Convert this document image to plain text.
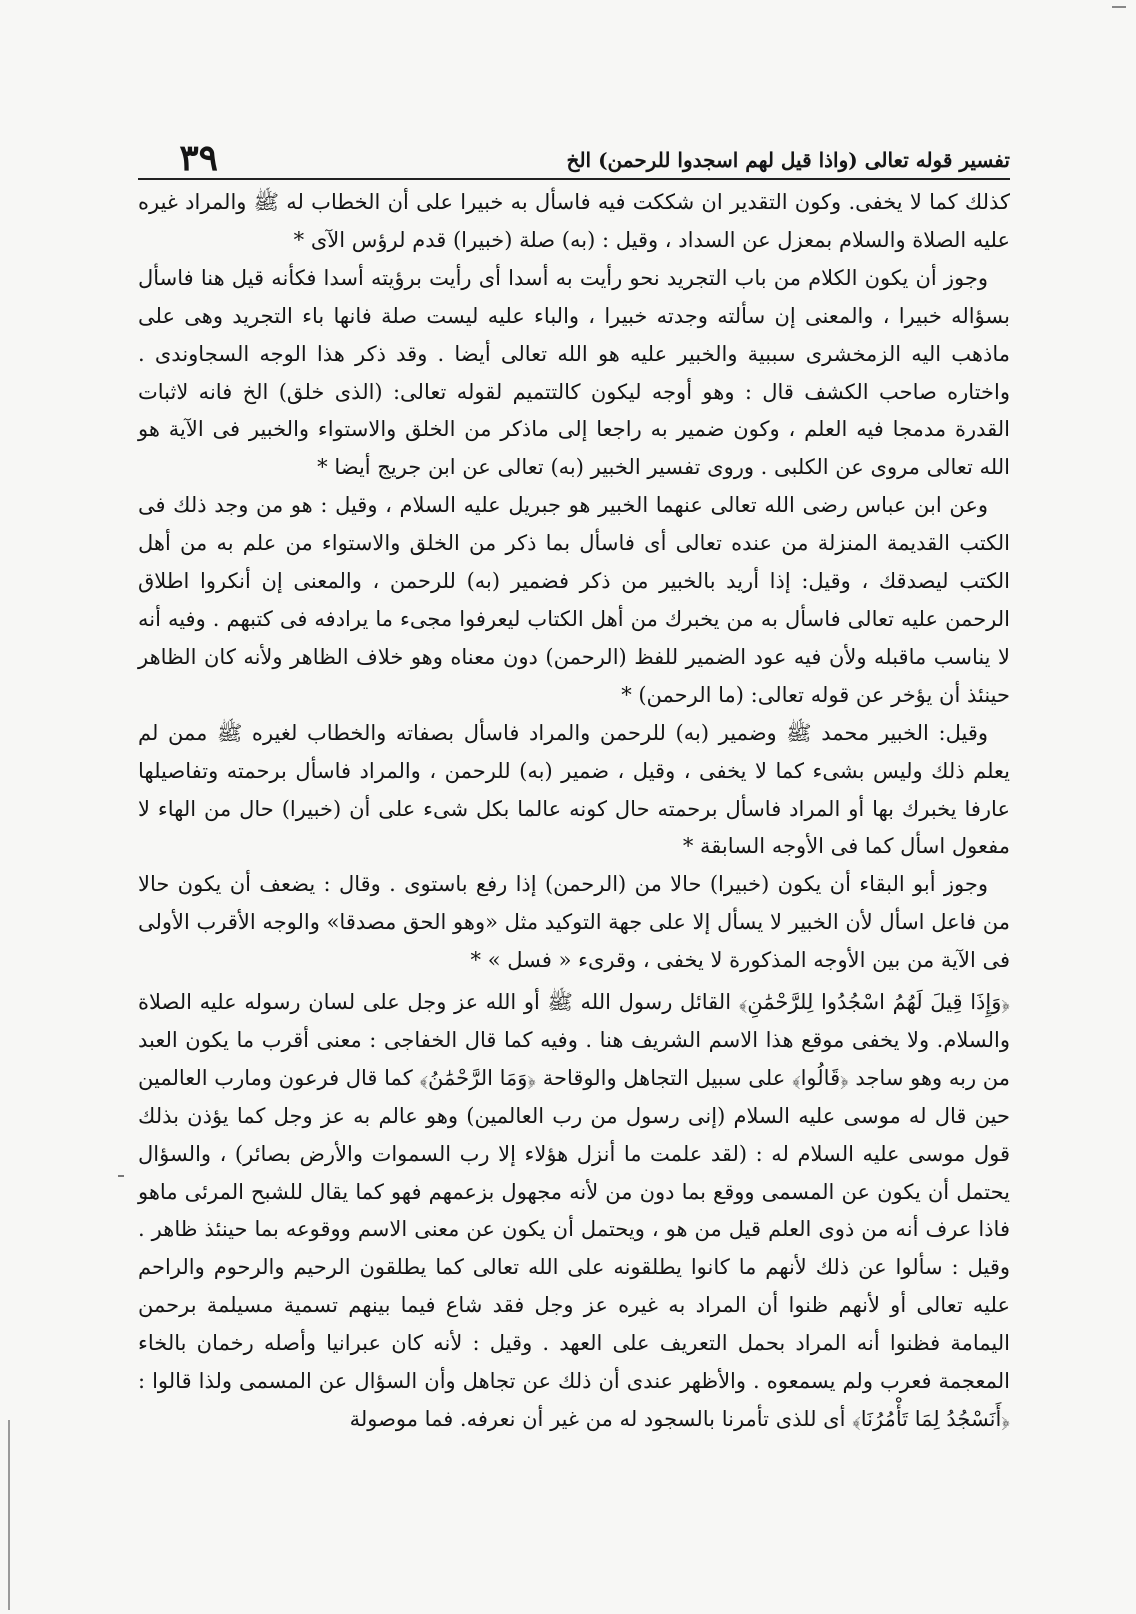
تفسير قوله تعالى (واذا قيل لهم اسجدوا للرحمن) الخ
٣٩

كذلك كما لا يخفى. وكون التقدير ان شككت فيه فاسأل به خبيرا على أن الخطاب له ﷺ والمراد غيره عليه الصلاة والسلام بمعزل عن السداد ، وقيل : (به) صلة (خبيرا) قدم لرؤس الآى *

وجوز أن يكون الكلام من باب التجريد نحو رأيت به أسدا أى رأيت برؤيته أسدا فكأنه قيل هنا فاسأل بسؤاله خبيرا ، والمعنى إن سألته وجدته خبيرا ، والباء عليه ليست صلة فانها باء التجريد وهى على ماذهب اليه الزمخشرى سببية والخبير عليه هو الله تعالى أيضا . وقد ذكر هذا الوجه السجاوندى . واختاره صاحب الكشف قال : وهو أوجه ليكون كالتتميم لقوله تعالى: (الذى خلق) الخ فانه لاثبات القدرة مدمجا فيه العلم ، وكون ضمير به راجعا إلى ماذكر من الخلق والاستواء والخبير فى الآية هو الله تعالى مروى عن الكلبى . وروى تفسير الخبير (به) تعالى عن ابن جريج أيضا *

وعن ابن عباس رضى الله تعالى عنهما الخبير هو جبريل عليه السلام ، وقيل : هو من وجد ذلك فى الكتب القديمة المنزلة من عنده تعالى أى فاسأل بما ذكر من الخلق والاستواء من علم به من أهل الكتب ليصدقك ، وقيل: إذا أريد بالخبير من ذكر فضمير (به) للرحمن ، والمعنى إن أنكروا اطلاق الرحمن عليه تعالى فاسأل به من يخبرك من أهل الكتاب ليعرفوا مجىء ما يرادفه فى كتبهم . وفيه أنه لا يناسب ماقبله ولأن فيه عود الضمير للفظ (الرحمن) دون معناه وهو خلاف الظاهر ولأنه كان الظاهر حينئذ أن يؤخر عن قوله تعالى: (ما الرحمن) *

وقيل: الخبير محمد ﷺ وضمير (به) للرحمن والمراد فاسأل بصفاته والخطاب لغيره ﷺ ممن لم يعلم ذلك وليس بشىء كما لا يخفى ، وقيل ، ضمير (به) للرحمن ، والمراد فاسأل برحمته وتفاصيلها عارفا يخبرك بها أو المراد فاسأل برحمته حال كونه عالما بكل شىء على أن (خبيرا) حال من الهاء لا مفعول اسأل كما فى الأوجه السابقة *

وجوز أبو البقاء أن يكون (خبيرا) حالا من (الرحمن) إذا رفع باستوى . وقال : يضعف أن يكون حالا من فاعل اسأل لأن الخبير لا يسأل إلا على جهة التوكيد مثل «وهو الحق مصدقا» والوجه الأقرب الأولى فى الآية من بين الأوجه المذكورة لا يخفى ، وقرىء « فسل » *

﴿وَإِذَا قِيلَ لَهُمُ اسْجُدُوا لِلرَّحْمَٰنِ﴾ القائل رسول الله ﷺ أو الله عز وجل على لسان رسوله عليه الصلاة والسلام. ولا يخفى موقع هذا الاسم الشريف هنا . وفيه كما قال الخفاجى : معنى أقرب ما يكون العبد من ربه وهو ساجد ﴿قَالُوا﴾ على سبيل التجاهل والوقاحة ﴿وَمَا الرَّحْمَٰنُ﴾ كما قال فرعون ومارب العالمين حين قال له موسى عليه السلام (إنى رسول من رب العالمين) وهو عالم به عز وجل كما يؤذن بذلك قول موسى عليه السلام له : (لقد علمت ما أنزل هؤلاء إلا رب السموات والأرض بصائر) ، والسؤال يحتمل أن يكون عن المسمى ووقع بما دون من لأنه مجهول بزعمهم فهو كما يقال للشبح المرئى ماهو فاذا عرف أنه من ذوى العلم قيل من هو ، ويحتمل أن يكون عن معنى الاسم ووقوعه بما حينئذ ظاهر . وقيل : سألوا عن ذلك لأنهم ما كانوا يطلقونه على الله تعالى كما يطلقون الرحيم والرحوم والراحم عليه تعالى أو لأنهم ظنوا أن المراد به غيره عز وجل فقد شاع فيما بينهم تسمية مسيلمة برحمن اليمامة فظنوا أنه المراد بحمل التعريف على العهد . وقيل : لأنه كان عبرانيا وأصله رخمان بالخاء المعجمة فعرب ولم يسمعوه . والأظهر عندى أن ذلك عن تجاهل وأن السؤال عن المسمى ولذا قالوا : ﴿أَنَسْجُدُ لِمَا تَأْمُرُنَا﴾ أى للذى تأمرنا بالسجود له من غير أن نعرفه. فما موصولة
